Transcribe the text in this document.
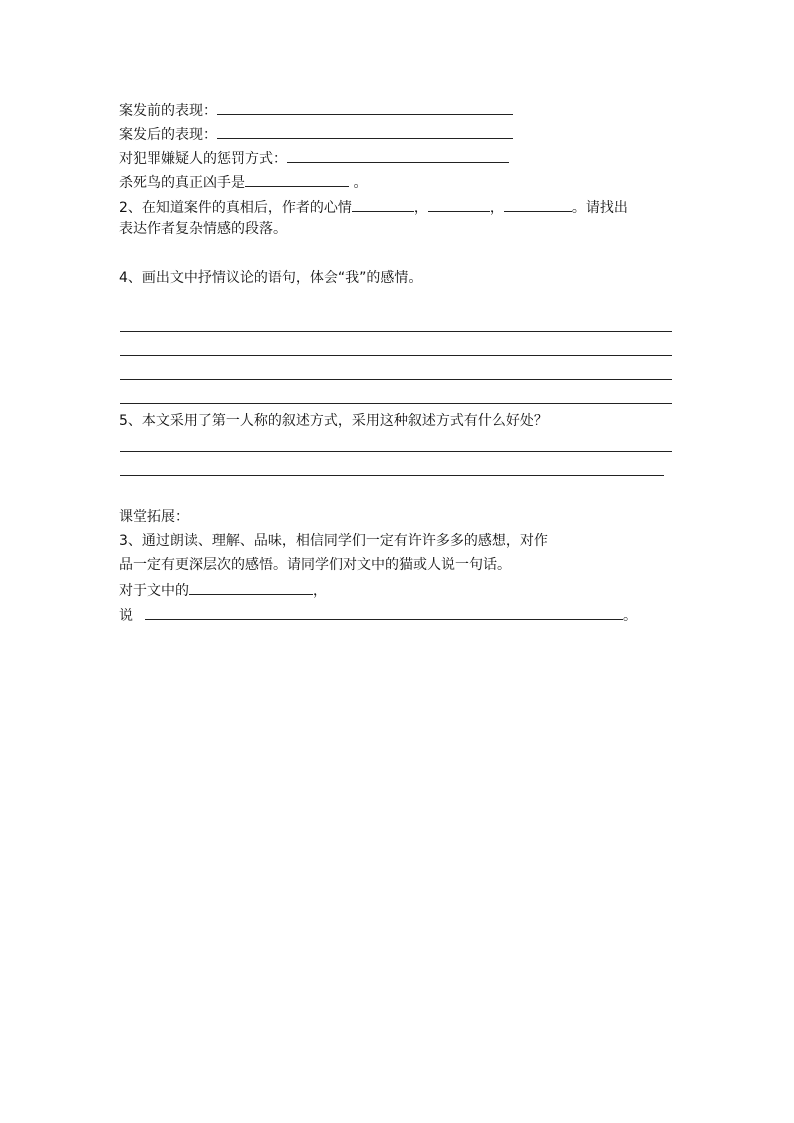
案发前的表现：
案发后的表现：
对犯罪嫌疑人的惩罚方式：
杀死鸟的真正凶手是	。
2、在知道案件的真相后，作者的心情	，	，	。请找出
表达作者复杂情感的段落。
4、画出文中抒情议论的语句，体会“我”的感情。
5、本文采用了第一人称的叙述方式，采用这种叙述方式有什么好处？
课堂拓展：
3、通过朗读、理解、品味，相信同学们一定有许许多多的感想，对作
品一定有更深层次的感悟。请同学们对文中的猫或人说一句话。
对于文中的	，
说	。
